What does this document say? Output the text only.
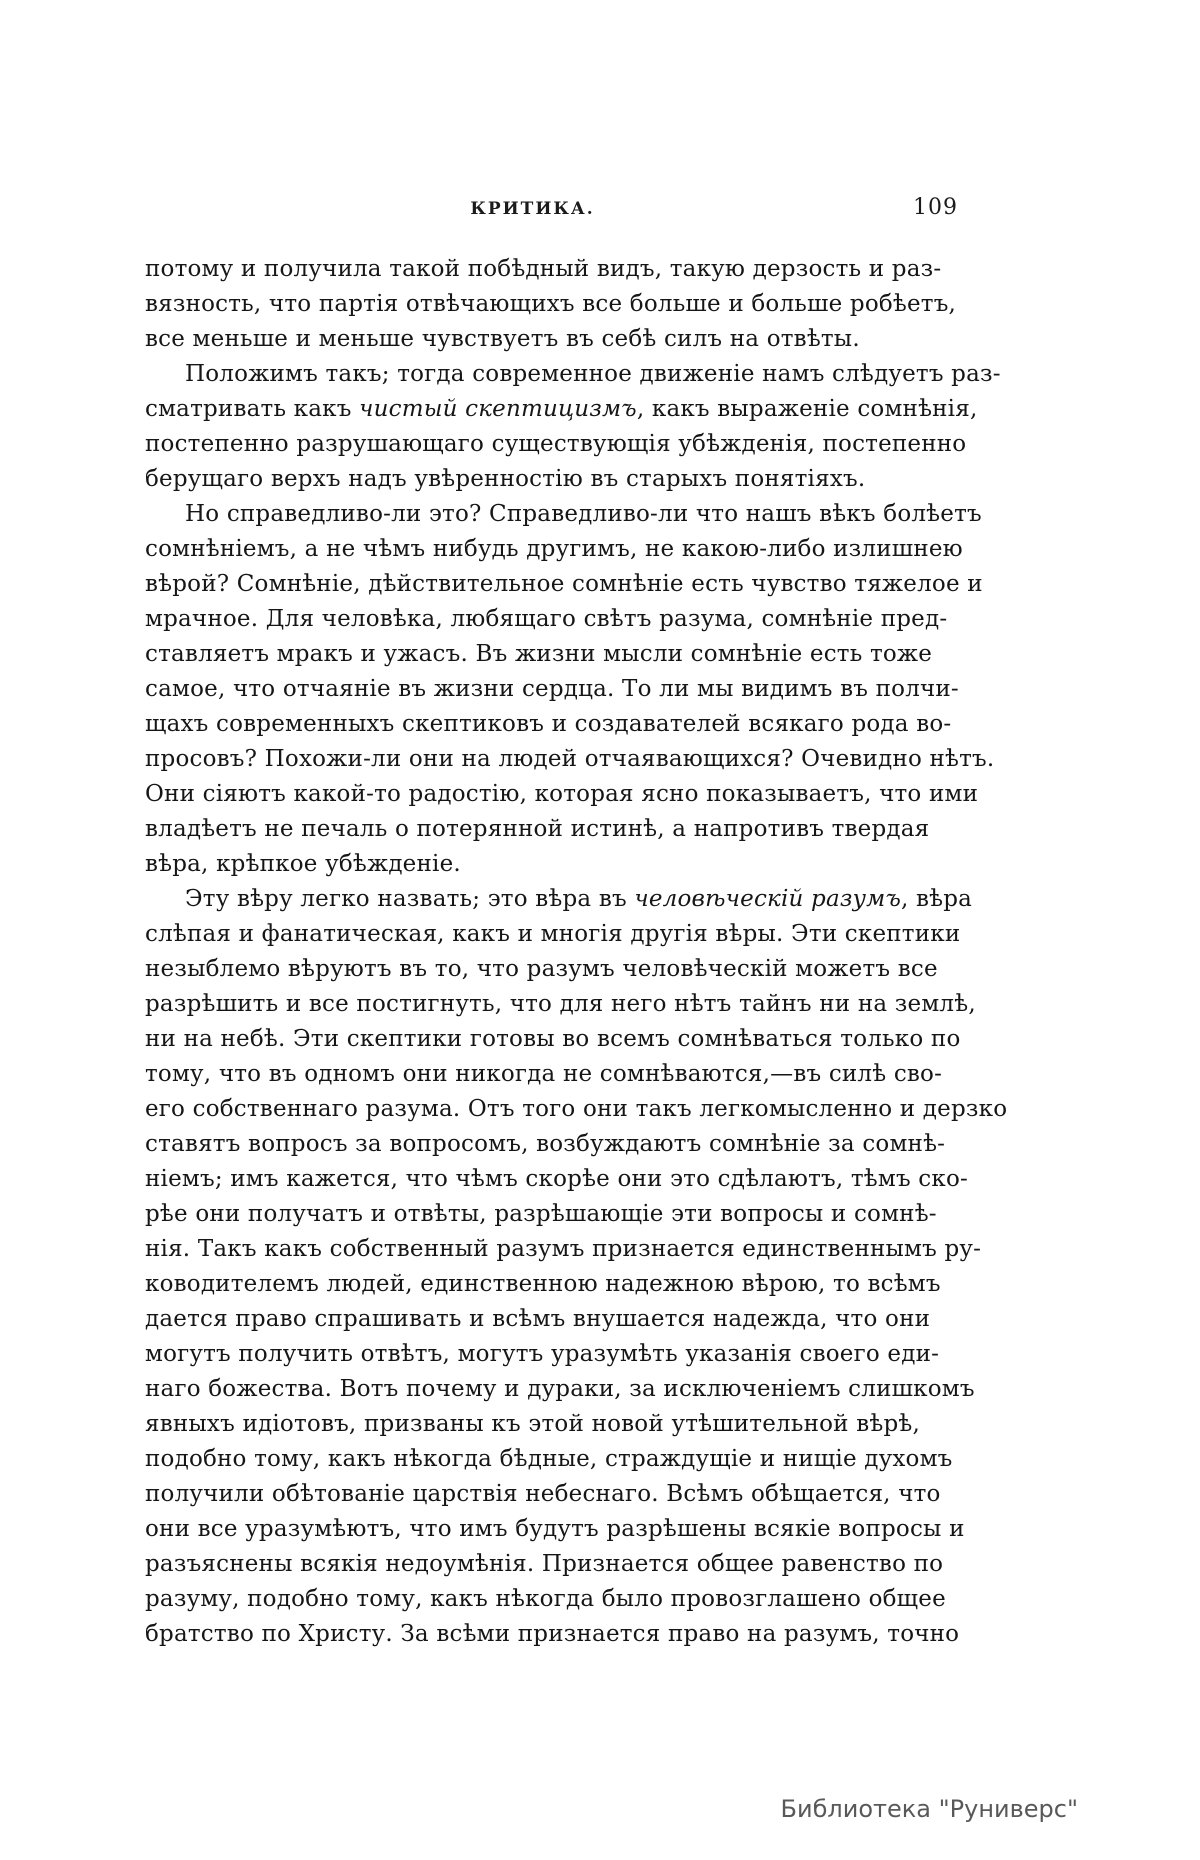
КРИТИКА.	109
потому и получила такой побѣдный видъ, такую дерзость и раз-
вязность, что партія отвѣчающихъ все больше и больше робѣетъ,
все меньше и меньше чувствуетъ въ себѣ силъ на отвѣты.
Положимъ такъ; тогда современное движеніе намъ слѣдуетъ раз-
сматривать какъ чистый скептицизмъ, какъ выраженіе сомнѣнія,
постепенно разрушающаго существующія убѣжденія, постепенно
берущаго верхъ надъ увѣренностію въ старыхъ понятіяхъ.
Но справедливо-ли это? Справедливо-ли что нашъ вѣкъ болѣетъ
сомнѣніемъ, а не чѣмъ нибудь другимъ, не какою-либо излишнею
вѣрой? Сомнѣніе, дѣйствительное сомнѣніе есть чувство тяжелое и
мрачное. Для человѣка, любящаго свѣтъ разума, сомнѣніе пред-
ставляетъ мракъ и ужасъ. Въ жизни мысли сомнѣніе есть тоже
самое, что отчаяніе въ жизни сердца. То ли мы видимъ въ полчи-
щахъ современныхъ скептиковъ и создавателей всякаго рода во-
просовъ? Похожи-ли они на людей отчаявающихся? Очевидно нѣтъ.
Они сіяютъ какой-то радостію, которая ясно показываетъ, что ими
владѣетъ не печаль о потерянной истинѣ, а напротивъ твердая
вѣра, крѣпкое убѣжденіе.
Эту вѣру легко назвать; это вѣра въ человѣческій разумъ, вѣра
слѣпая и фанатическая, какъ и многія другія вѣры. Эти скептики
незыблемо вѣруютъ въ то, что разумъ человѣческій можетъ все
разрѣшить и все постигнуть, что для него нѣтъ тайнъ ни на землѣ,
ни на небѣ. Эти скептики готовы во всемъ сомнѣваться только по
тому, что въ одномъ они никогда не сомнѣваются,—въ силѣ сво-
его собственнаго разума. Отъ того они такъ легкомысленно и дерзко
ставятъ вопросъ за вопросомъ, возбуждаютъ сомнѣніе за сомнѣ-
ніемъ; имъ кажется, что чѣмъ скорѣе они это сдѣлаютъ, тѣмъ ско-
рѣе они получатъ и отвѣты, разрѣшающіе эти вопросы и сомнѣ-
нія. Такъ какъ собственный разумъ признается единственнымъ ру-
ководителемъ людей, единственною надежною вѣрою, то всѣмъ
дается право спрашивать и всѣмъ внушается надежда, что они
могутъ получить отвѣтъ, могутъ уразумѣть указанія своего еди-
наго божества. Вотъ почему и дураки, за исключеніемъ слишкомъ
явныхъ идіотовъ, призваны къ этой новой утѣшительной вѣрѣ,
подобно тому, какъ нѣкогда бѣдные, страждущіе и нищіе духомъ
получили обѣтованіе царствія небеснаго. Всѣмъ обѣщается, что
они все уразумѣютъ, что имъ будутъ разрѣшены всякіе вопросы и
разъяснены всякія недоумѣнія. Признается общее равенство по
разуму, подобно тому, какъ нѣкогда было провозглашено общее
братство по Христу. За всѣми признается право на разумъ, точно
Библиотека "Руниверс"
